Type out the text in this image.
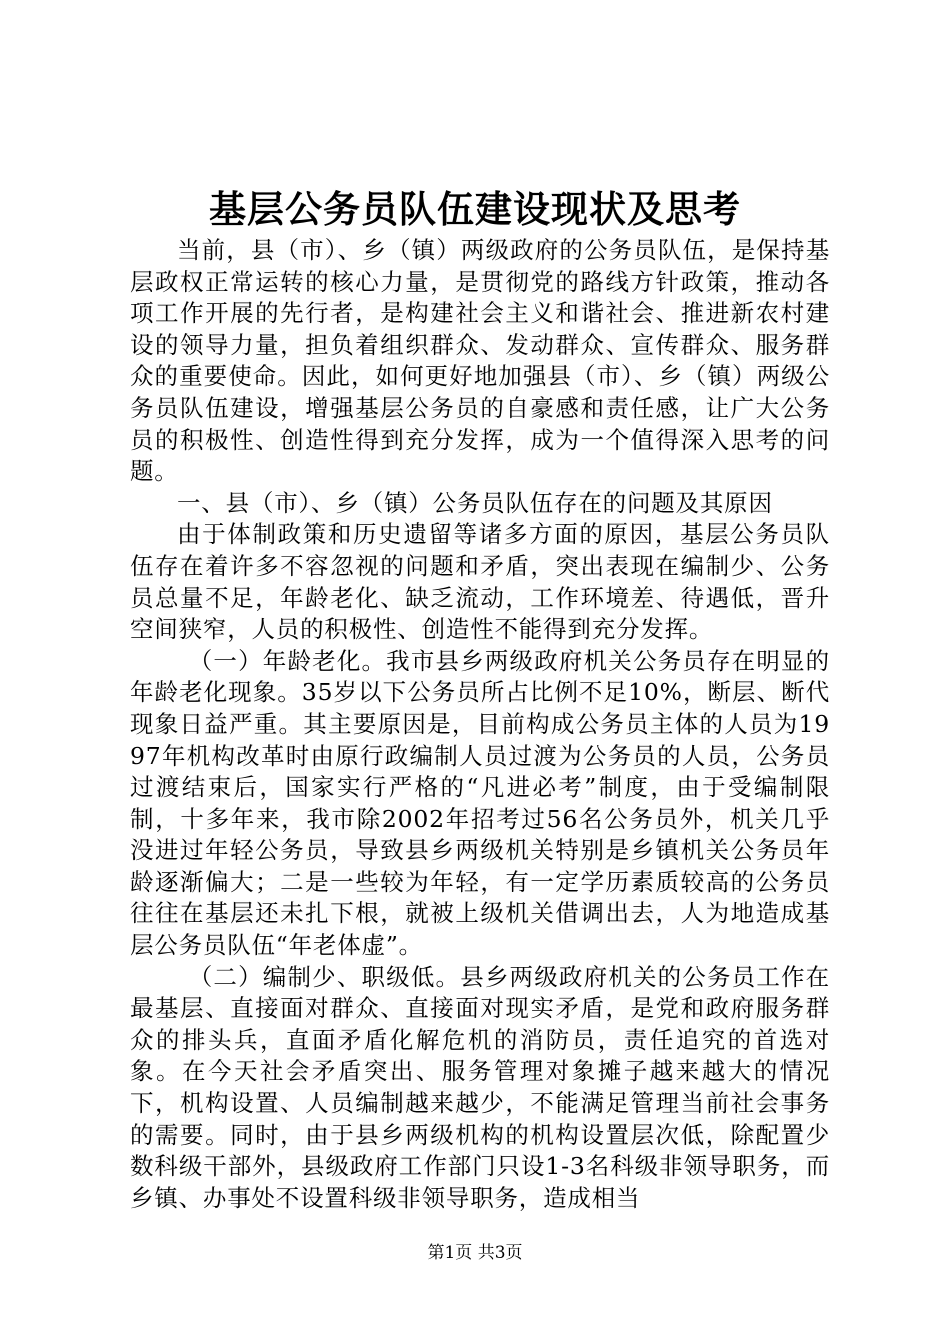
基层公务员队伍建设现状及思考

当前，县（市）、乡（镇）两级政府的公务员队伍，是保持基层政权正常运转的核心力量，是贯彻党的路线方针政策，推动各项工作开展的先行者，是构建社会主义和谐社会、推进新农村建设的领导力量，担负着组织群众、发动群众、宣传群众、服务群众的重要使命。因此，如何更好地加强县（市）、乡（镇）两级公务员队伍建设，增强基层公务员的自豪感和责任感，让广大公务员的积极性、创造性得到充分发挥，成为一个值得深入思考的问题。

一、县（市）、乡（镇）公务员队伍存在的问题及其原因

由于体制政策和历史遗留等诸多方面的原因，基层公务员队伍存在着许多不容忽视的问题和矛盾，突出表现在编制少、公务员总量不足，年龄老化、缺乏流动，工作环境差、待遇低，晋升空间狭窄，人员的积极性、创造性不能得到充分发挥。

（一）年龄老化。我市县乡两级政府机关公务员存在明显的年龄老化现象。35岁以下公务员所占比例不足10%，断层、断代现象日益严重。其主要原因是，目前构成公务员主体的人员为1997年机构改革时由原行政编制人员过渡为公务员的人员，公务员过渡结束后，国家实行严格的“凡进必考”制度，由于受编制限制，十多年来，我市除2002年招考过56名公务员外，机关几乎没进过年轻公务员，导致县乡两级机关特别是乡镇机关公务员年龄逐渐偏大；二是一些较为年轻，有一定学历素质较高的公务员往往在基层还未扎下根，就被上级机关借调出去，人为地造成基层公务员队伍“年老体虚”。

（二）编制少、职级低。县乡两级政府机关的公务员工作在最基层、直接面对群众、直接面对现实矛盾，是党和政府服务群众的排头兵，直面矛盾化解危机的消防员，责任追究的首选对象。在今天社会矛盾突出、服务管理对象摊子越来越大的情况下，机构设置、人员编制越来越少，不能满足管理当前社会事务的需要。同时，由于县乡两级机构的机构设置层次低，除配置少数科级干部外，县级政府工作部门只设1-3名科级非领导职务，而乡镇、办事处不设置科级非领导职务，造成相当

第1页 共3页
